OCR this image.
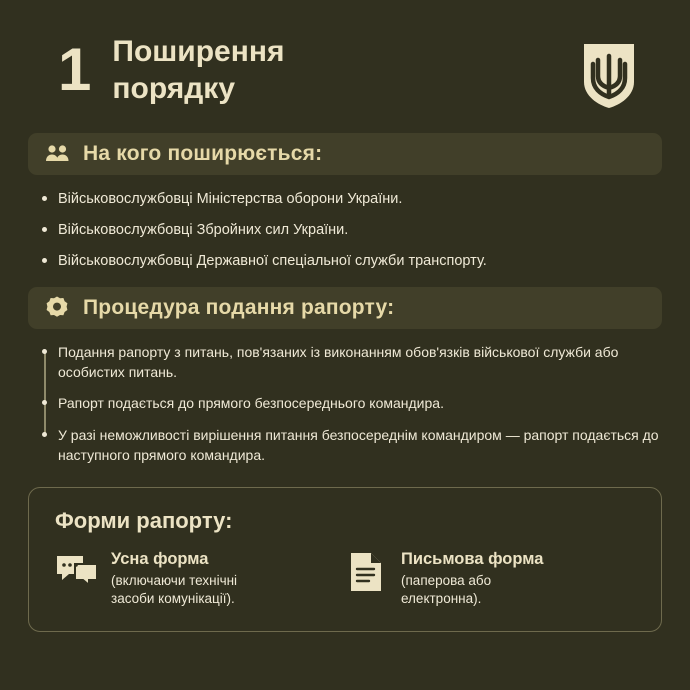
1 Поширення
порядку
На кого поширюється:
Військовослужбовці Міністерства оборони України.
Військовослужбовці Збройних сил України.
Військовослужбовці Державної спеціальної служби транспорту.
Процедура подання рапорту:
Подання рапорту з питань, пов'язаних із виконанням обов'язків військової служби або особистих питань.
Рапорт подається до прямого безпосереднього командира.
У разі неможливості вирішення питання безпосереднім командиром — рапорт подається до наступного прямого командира.
Форми рапорту:
Усна форма
(включаючи технічні
засоби комунікації).
Письмова форма
(паперова або
електронна).
